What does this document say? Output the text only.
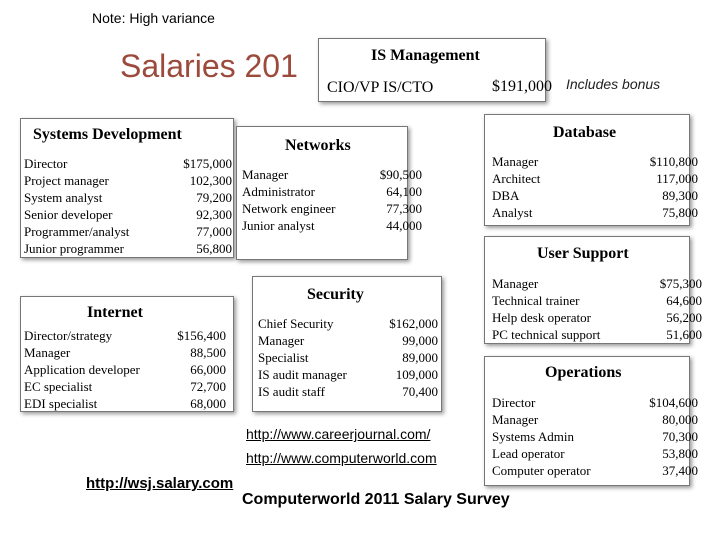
Note: High variance
Salaries 201	IS Management
CIO/VP IS/CTO	$191,000 Includes bonus
Systems Development
Director
Project manager
System analyst
Senior developer
Programmer/analyst
Junior programmer
$175,000
102,300
79,200
92,300
77,000
56,800
Networks
Manager
Administrator
Network engineer
Junior analyst
$90,500
64,100
77,300
44,000
Database
Manager
Architect
DBA
Analyst
$110,800
117,000
89,300
75,800
User Support
Manager
Technical trainer
Help desk operator
PC technical support
$75,300
64,600
56,200
51,600
Internet
Director/strategy
Manager
Application developer
EC specialist
EDI specialist
$156,400
88,500
66,000
72,700
68,000
Security
Chief Security
Manager
Specialist
IS audit manager
IS audit staff
$162,000
99,000
89,000
109,000
70,400
Operations
Director
Manager
Systems Admin
Lead operator
Computer operator
$104,600
80,000
70,300
53,800
37,400
http://www.careerjournal.com/
http://www.computerworld.com
http://wsj.salary.com
Computerworld 2011 Salary Survey
